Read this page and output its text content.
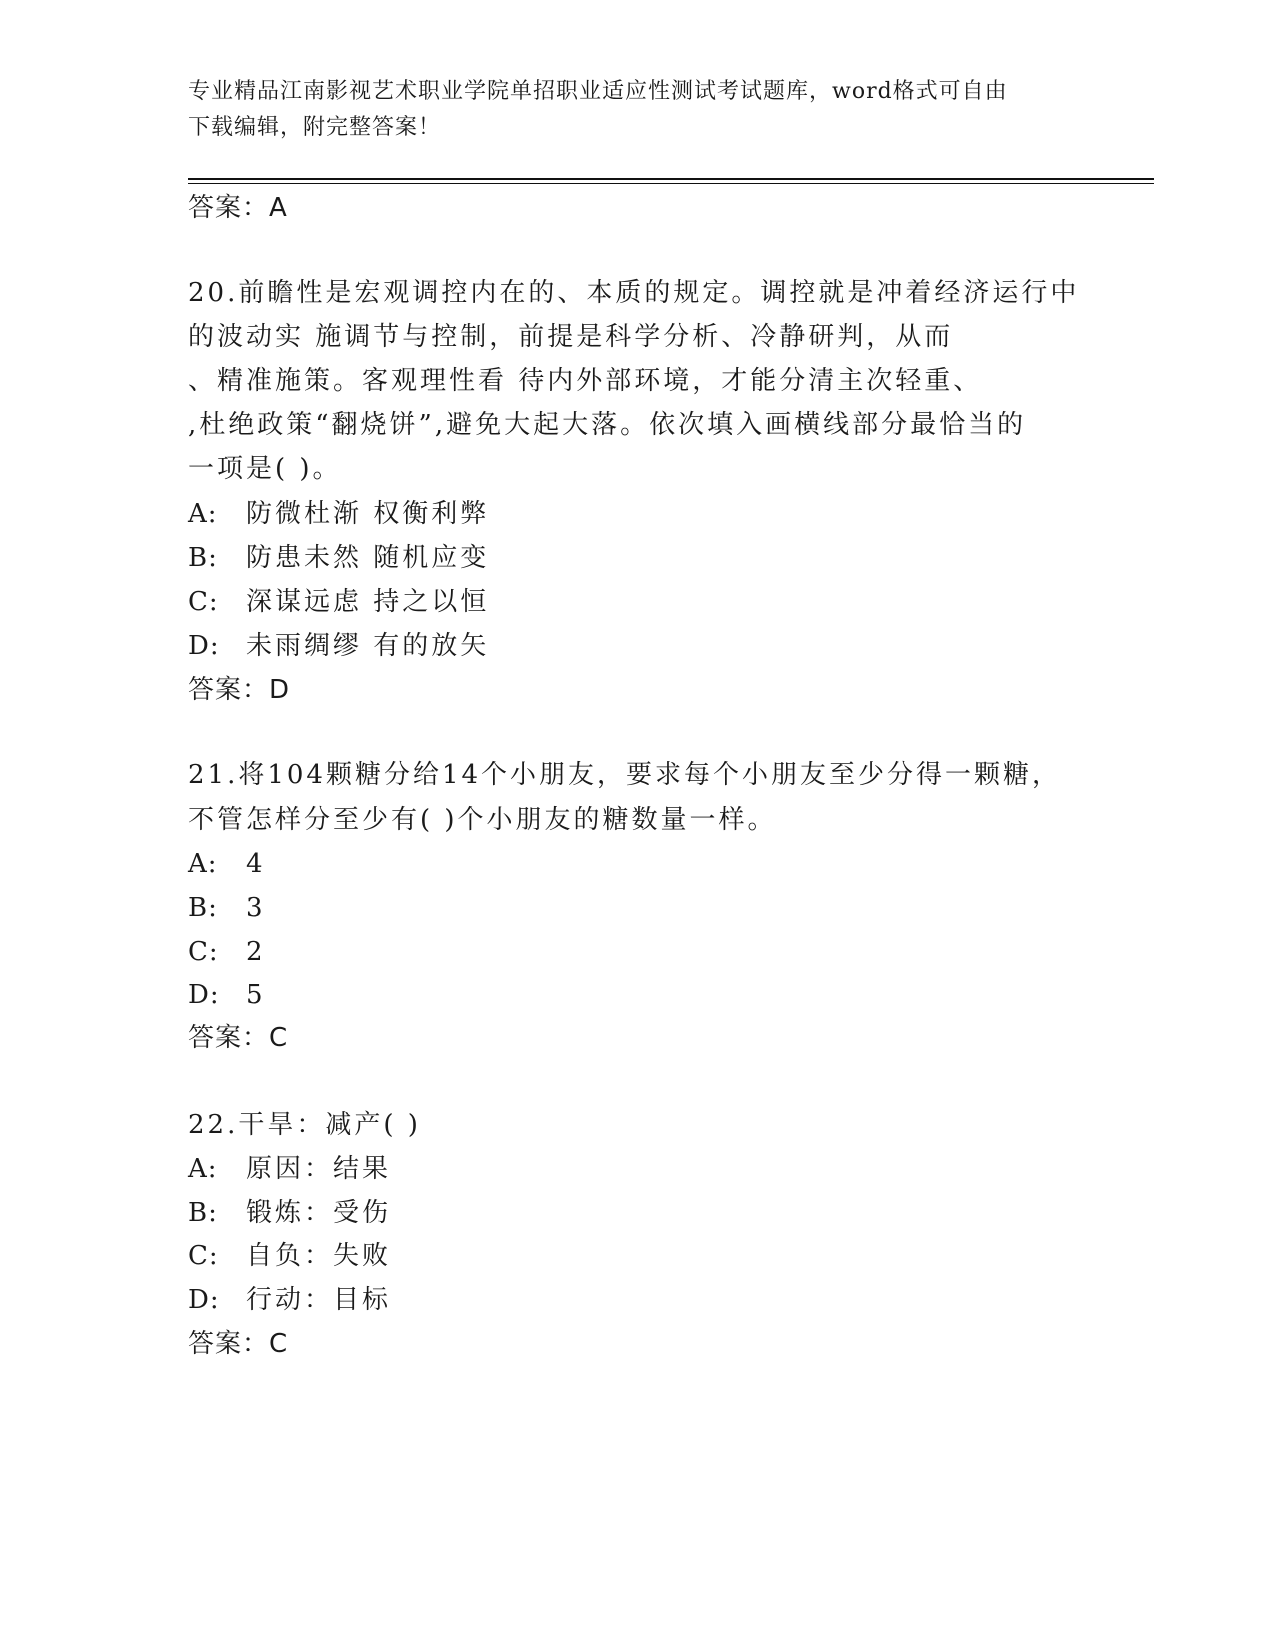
专业精品江南影视艺术职业学院单招职业适应性测试考试题库，word格式可自由
下载编辑，附完整答案！
答案：A
20.前瞻性是宏观调控内在的、本质的规定。调控就是冲着经济运行中
的波动实 施调节与控制，前提是科学分析、冷静研判，从而
、精准施策。客观理性看 待内外部环境，才能分清主次轻重、
,杜绝政策“翻烧饼”,避免大起大落。依次填入画横线部分最恰当的
一项是( )。
A: 防微杜渐 权衡利弊
B: 防患未然 随机应变
C: 深谋远虑 持之以恒
D: 未雨绸缪 有的放矢
答案：D
21.将104颗糖分给14个小朋友，要求每个小朋友至少分得一颗糖，
不管怎样分至少有( )个小朋友的糖数量一样。
A: 4
B: 3
C: 2
D: 5
答案：C
22.干旱：减产( )
A: 原因：结果
B: 锻炼：受伤
C: 自负：失败
D: 行动：目标
答案：C
